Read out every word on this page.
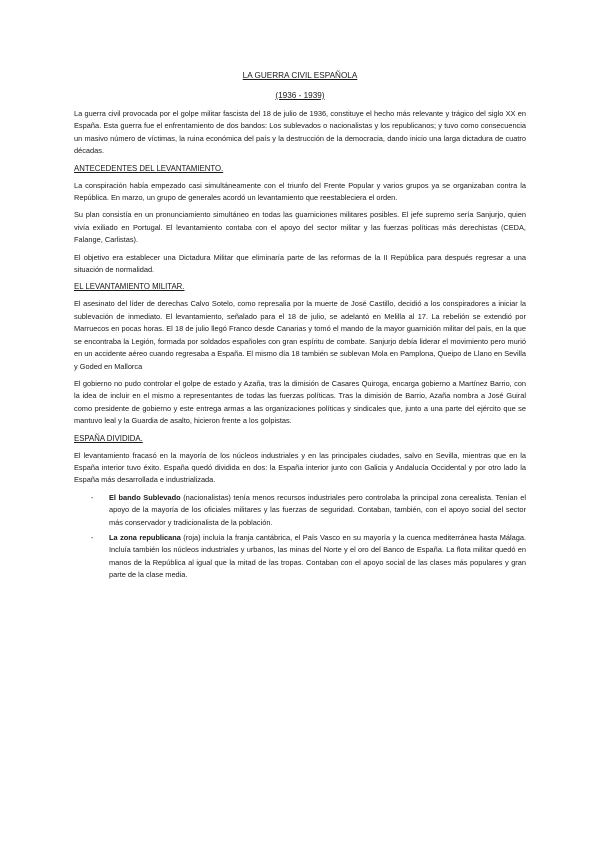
LA GUERRA CIVIL ESPAÑOLA
(1936 - 1939)

La guerra civil provocada por el golpe militar fascista del 18 de julio de 1936, constituye el hecho más relevante y trágico del siglo XX en España. Esta guerra fue el enfrentamiento de dos bandos: Los sublevados o nacionalistas y los republicanos; y tuvo como consecuencia un masivo número de víctimas, la ruina económica del país y la destrucción de la democracia, dando inicio una larga dictadura de cuatro décadas.

ANTECEDENTES DEL LEVANTAMIENTO.

La conspiración había empezado casi simultáneamente con el triunfo del Frente Popular y varios grupos ya se organizaban contra la República. En marzo, un grupo de generales acordó un levantamiento que reestableciera el orden.

Su plan consistía en un pronunciamiento simultáneo en todas las guarniciones militares posibles. El jefe supremo sería Sanjurjo, quien vivía exiliado en Portugal. El levantamiento contaba con el apoyo del sector militar y las fuerzas políticas más derechistas (CEDA, Falange, Carlistas).

El objetivo era establecer una Dictadura Militar que eliminaría parte de las reformas de la II República para después regresar a una situación de normalidad.

EL LEVANTAMIENTO MILITAR.

El asesinato del líder de derechas Calvo Sotelo, como represalia por la muerte de José Castillo, decidió a los conspiradores a iniciar la sublevación de inmediato. El levantamiento, señalado para el 18 de julio, se adelantó en Melilla al 17. La rebelión se extendió por Marruecos en pocas horas. El 18 de julio llegó Franco desde Canarias y tomó el mando de la mayor guarnición militar del país, en la que se encontraba la Legión, formada por soldados españoles con gran espíritu de combate. Sanjurjo debía liderar el movimiento pero murió en un accidente aéreo cuando regresaba a España. El mismo día 18 también se sublevan Mola en Pamplona, Queipo de Llano en Sevilla y Goded en Mallorca

El gobierno no pudo controlar el golpe de estado y Azaña, tras la dimisión de Casares Quiroga, encarga gobierno a Martínez Barrio, con la idea de incluir en el mismo a representantes de todas las fuerzas políticas. Tras la dimisión de Barrio, Azaña nombra a José Guiral como presidente de gobierno y este entrega armas a las organizaciones políticas y sindicales que, junto a una parte del ejército que se mantuvo leal y la Guardia de asalto, hicieron frente a los golpistas.

ESPAÑA DIVIDIDA.

El levantamiento fracasó en la mayoría de los núcleos industriales y en las principales ciudades, salvo en Sevilla, mientras que en la España interior tuvo éxito. España quedó dividida en dos: la España interior junto con Galicia y Andalucía Occidental y por otro lado la España más desarrollada e industrializada.

- El bando Sublevado (nacionalistas) tenía menos recursos industriales pero controlaba la principal zona cerealista. Tenían el apoyo de la mayoría de los oficiales militares y las fuerzas de seguridad. Contaban, también, con el apoyo social del sector más conservador y tradicionalista de la población.
- La zona republicana (roja) incluía la franja cantábrica, el País Vasco en su mayoría y la cuenca mediterránea hasta Málaga. Incluía también los núcleos industriales y urbanos, las minas del Norte y el oro del Banco de España. La flota militar quedó en manos de la República al igual que la mitad de las tropas. Contaban con el apoyo social de las clases más populares y gran parte de la clase media.
